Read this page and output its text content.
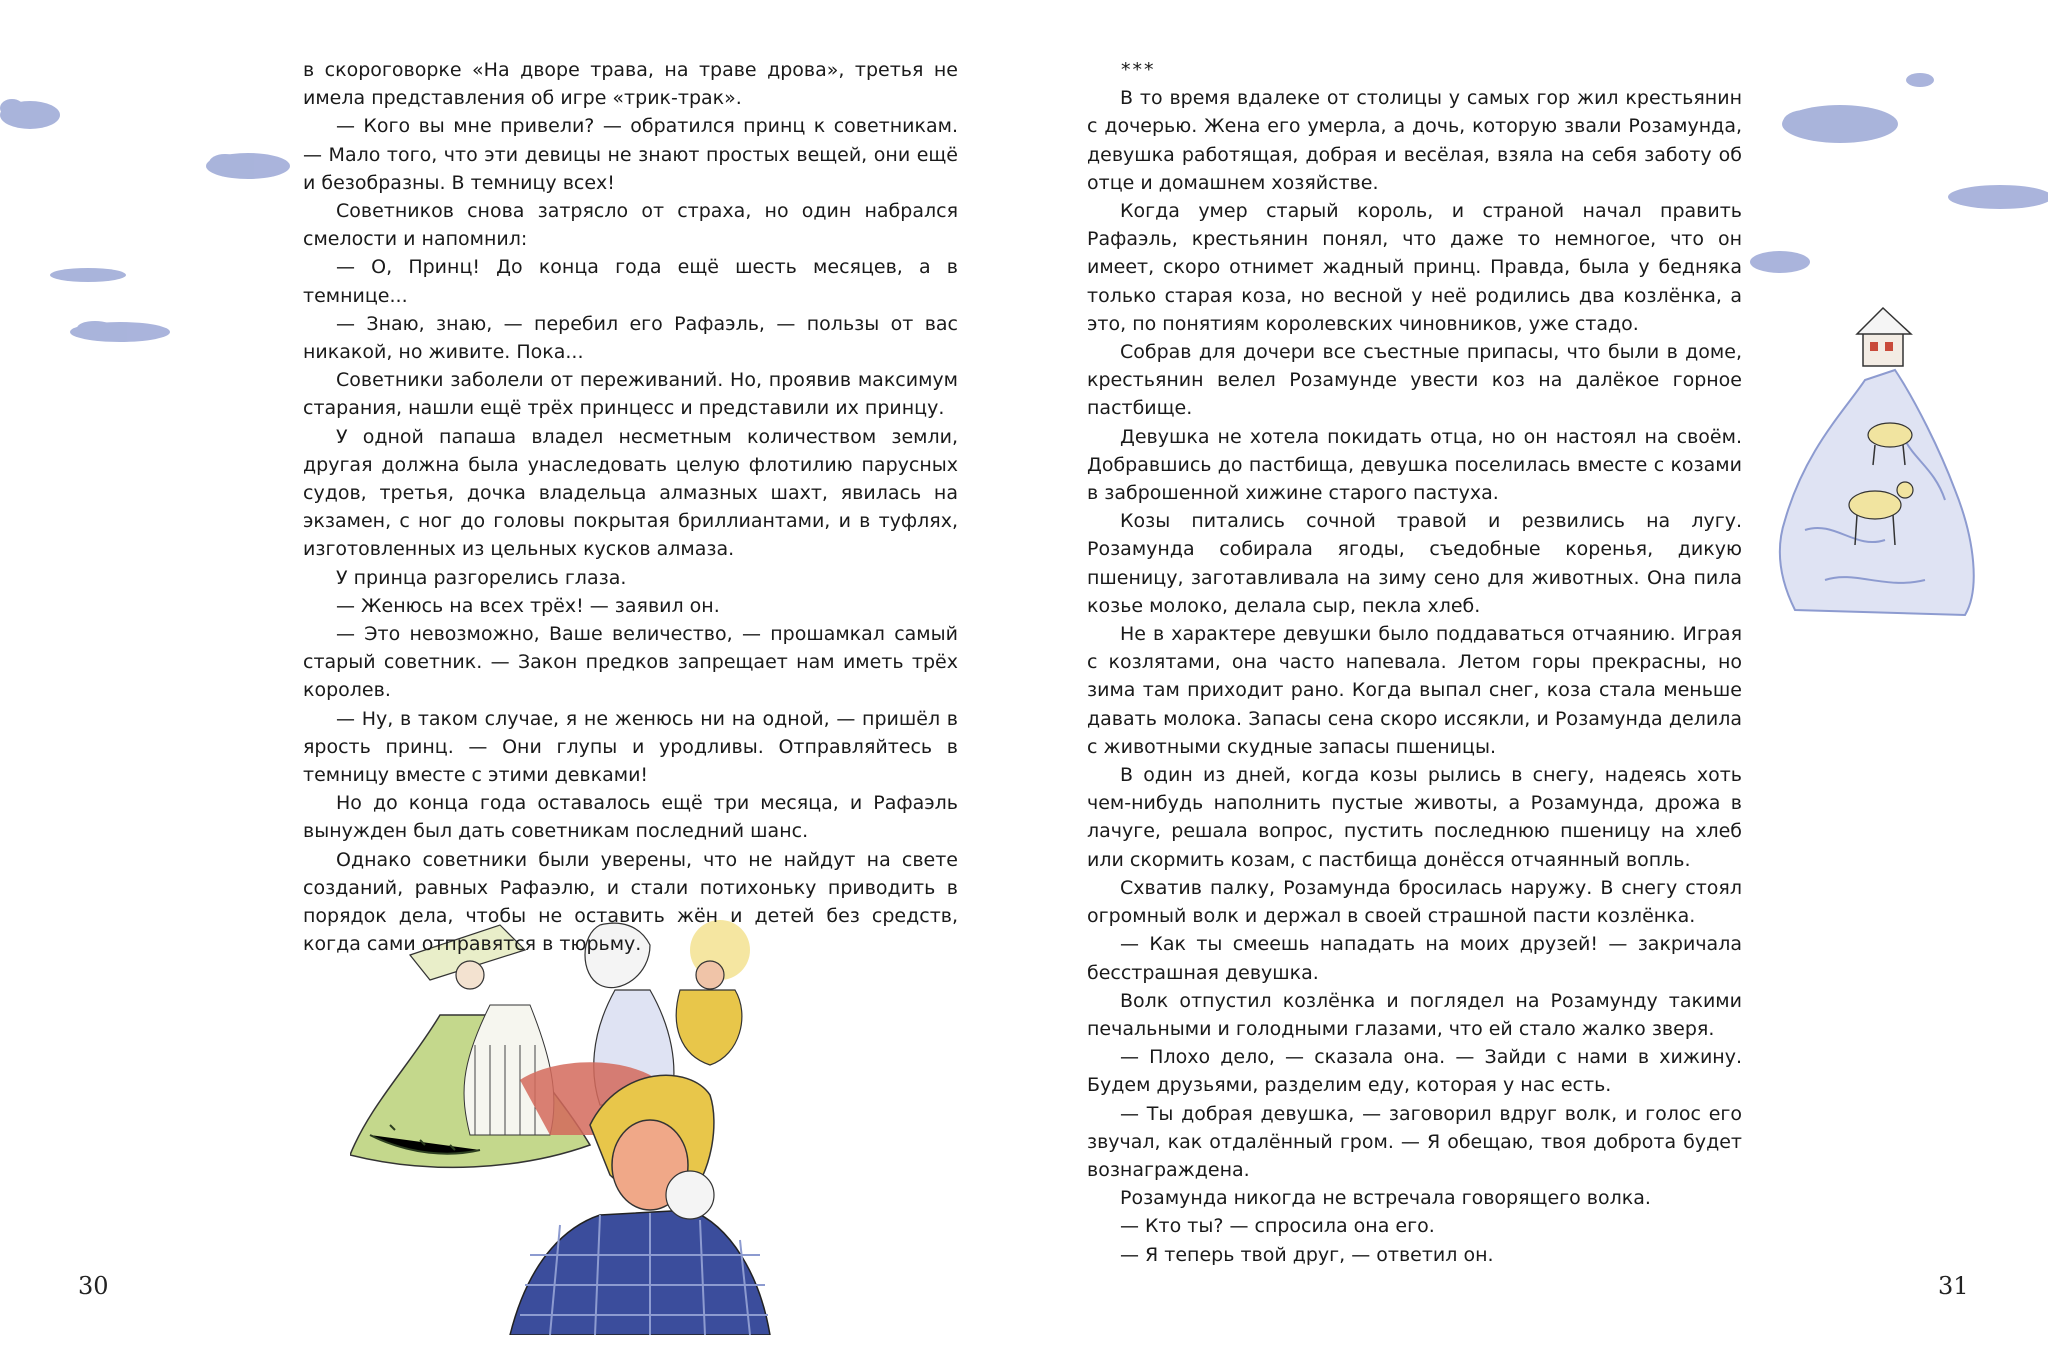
в скороговорке «На дворе трава, на траве дрова», третья не имела представления об игре «трик-трак».

— Кого вы мне привели? — обратился принц к советникам. — Мало того, что эти девицы не знают простых вещей, они ещё и безобразны. В темницу всех!

Советников снова затрясло от страха, но один набрался смелости и напомнил:

— О, Принц! До конца года ещё шесть месяцев, а в темнице...

— Знаю, знаю, — перебил его Рафаэль, — пользы от вас никакой, но живите. Пока...

Советники заболели от переживаний. Но, проявив максимум старания, нашли ещё трёх принцесс и представили их принцу.

У одной папаша владел несметным количеством земли, другая должна была унаследовать целую флотилию парусных судов, третья, дочка владельца алмазных шахт, явилась на экзамен, с ног до головы покрытая бриллиантами, и в туфлях, изготовленных из цельных кусков алмаза.

У принца разгорелись глаза.

— Женюсь на всех трёх! — заявил он.

— Это невозможно, Ваше величество, — прошамкал самый старый советник. — Закон предков запрещает нам иметь трёх королев.

— Ну, в таком случае, я не женюсь ни на одной, — пришёл в ярость принц. — Они глупы и уродливы. Отправляйтесь в темницу вместе с этими девками!

Но до конца года оставалось ещё три месяца, и Рафаэль вынужден был дать советникам последний шанс.

Однако советники были уверены, что не найдут на свете созданий, равных Рафаэлю, и стали потихоньку приводить в порядок дела, чтобы не оставить жён и детей без средств, когда сами отправятся в тюрьму.

***

В то время вдалеке от столицы у самых гор жил крестьянин с дочерью. Жена его умерла, а дочь, которую звали Розамунда, девушка работящая, добрая и весёлая, взяла на себя заботу об отце и домашнем хозяйстве.

Когда умер старый король, и страной начал править Рафаэль, крестьянин понял, что даже то немногое, что он имеет, скоро отнимет жадный принц. Правда, была у бедняка только старая коза, но весной у неё родились два козлёнка, а это, по понятиям королевских чиновников, уже стадо.

Собрав для дочери все съестные припасы, что были в доме, крестьянин велел Розамунде увести коз на далёкое горное пастбище.

Девушка не хотела покидать отца, но он настоял на своём. Добравшись до пастбища, девушка поселилась вместе с козами в заброшенной хижине старого пастуха.

Козы питались сочной травой и резвились на лугу. Розамунда собирала ягоды, съедобные коренья, дикую пшеницу, заготавливала на зиму сено для животных. Она пила козье молоко, делала сыр, пекла хлеб.

Не в характере девушки было поддаваться отчаянию. Играя с козлятами, она часто напевала. Летом горы прекрасны, но зима там приходит рано. Когда выпал снег, коза стала меньше давать молока. Запасы сена скоро иссякли, и Розамунда делила с животными скудные запасы пшеницы.

В один из дней, когда козы рылись в снегу, надеясь хоть чем-нибудь наполнить пустые животы, а Розамунда, дрожа в лачуге, решала вопрос, пустить последнюю пшеницу на хлеб или скормить козам, с пастбища донёсся отчаянный вопль.

Схватив палку, Розамунда бросилась наружу. В снегу стоял огромный волк и держал в своей страшной пасти козлёнка.

— Как ты смеешь нападать на моих друзей! — закричала бесстрашная девушка.

Волк отпустил козлёнка и поглядел на Розамунду такими печальными и голодными глазами, что ей стало жалко зверя.

— Плохо дело, — сказала она. — Зайди с нами в хижину. Будем друзьями, разделим еду, которая у нас есть.

— Ты добрая девушка, — заговорил вдруг волк, и голос его звучал, как отдалённый гром. — Я обещаю, твоя доброта будет вознаграждена.

Розамунда никогда не встречала говорящего волка.

— Кто ты? — спросила она его.

— Я теперь твой друг, — ответил он.

30	31
